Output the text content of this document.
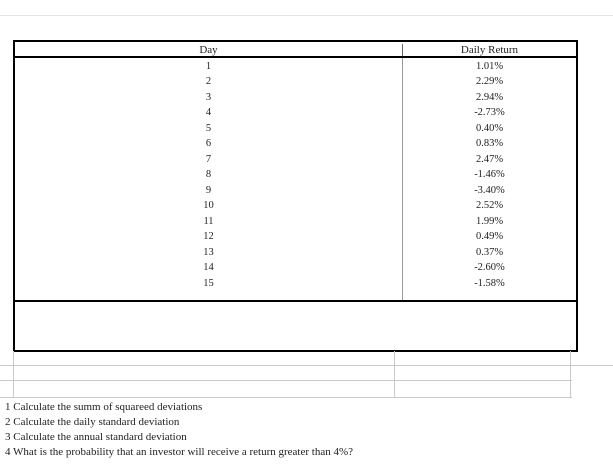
Day	Daily Return
1
2
3
4
5
6
7
8
9
10
11
12
13
14
15
1.01%
2.29%
2.94%
-2.73%
0.40%
0.83%
2.47%
-1.46%
-3.40%
2.52%
1.99%
0.49%
0.37%
-2.60%
-1.58%
1 Calculate the summ of squareed deviations
2 Calculate the daily standard deviation
3 Calculate the annual standard deviation
4 What is the probability that an investor will receive a return greater than 4%?
